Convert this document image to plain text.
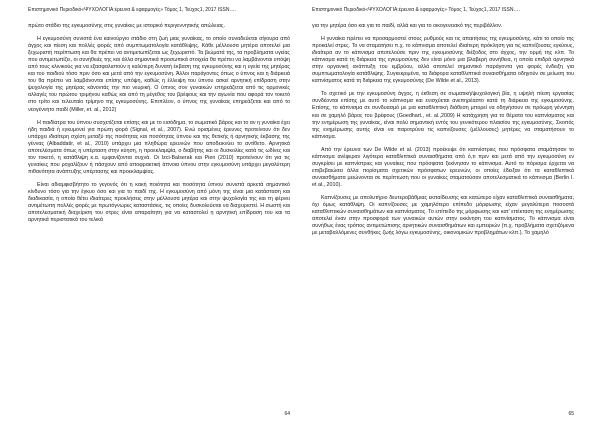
Επιστημονικό Περιοδικό«ΨΥΧΟΛΟΓΙΑ:έρευνα & εφαρμογές» Τόμος 1, Τεύχος1, 2017 ISSN….

πρώτο στάδιο της εγκυμοσύνης στις γυναίκες με ιστορικό περιγεννητικής απώλειας.

Η εγκυμοσύνη συνιστά ένα καινούργιο στάδιο στη ζωή μιας γυναίκας, το οποίο συναδεύεται σίγουρα από άγχος και πίεση και πολλές φορές από συμπτωματολογία κατάθλιψης. Κάθε μέλλουσα μητέρα αποτελεί μια ξεχωριστή περίπτωση και θα πρέπει να αντιμετωπίζεται ως ξεχωριστό. Τα βιώματά της, τα προβλήματα υγείας που αντιμετωπίζει, οι συνήθειές της και άλλα σημαντικά προσωπικά στοιχεία θα πρέπει να λαμβάνονται υπόψη από τους κλινικούς για να εξασφαλιστούν η καλύτερη δυνατή έκβαση της εγκυμοσύνης και η υγεία της μητέρας και του παιδιού τόσο πριν όσο και μετά από την εγκυμοσύνη. Άλλοι παράγοντες όπως ο ύπνος και η διάρκειά του θα πρέπει να λαμβάνονται επίσης υπόψη, καθώς η έλλειψη του ύπνου ασκεί αρνητική επίδραση στην ψυχολογία της μητέρας κάνοντάς την πιο νευρική. Ο ύπνος σον γυναικών επηρεάζεται από τις ορμονικές αλλαγές του πρώτου τριμήνου καθώς και από τη μέγεθος του βρέφους και την αγωνία που αφορά τον τοκετό στο τρίτο και τελευταίο τρίμηνο της εγκυμοσύνης. Επιπλέον, ο ύπνος της γυναίκας επηρεάζεται και από το νεογέννητο παιδί (Miller, et. al., 2012)

Η παιδίατρα του ύπνου συσχετίζεται επίσης και με το εισόδημα, το σωματικό βάρος και το αν η γυναίκα έχει ήδη παιδιά ή εγκυμονεί για πρώτη φορά (Signal, et al., 2007). Ενώ ορισμένες έρευνες προτείνουν ότι δεν υπάρχει ιδιαίτερη σχέση μεταξύ της ποιότητας και ποσότητας ύπνου και της θετικής ή αρνητικής έκβασης της γέννας (Albaddatir, et al., 2010) υπάρχει μια πληθώρα ερευνών που αποδεικνύει το αντίθετο. Αρνητικά αποτελέσματα όπως η υπέρταση στην κύηση, η προεκλαμψία, ο διαβήτης και οι δυσκολίες κατά τις ωδίνες και τον τοκετό, η κατάθλιψη κ.α. εμφανίζονται συχνά. Οι Izci-Balserak και Pien (2010) προτείνουν ότι για τις γυναίκες που ροχαλίζουν ή πάσχουν από αποφρακτική άπνοια ύπνου στην εγκυμοσύνη υπάρχει μεγαλύτερη πιθανότητα ανάπτυξης υπέρτασης και προεκλαμψίας.

Είναι αδιαμφισβήτητο το γεγονός ότι η κακή ποιότητα και ποσότητα ύπνου συνιστά αρκετά σημαντικό κίνδυνο τόσο για την έγκυο όσο και για το παιδί της. Η εγκυμοσύνη από μόνη της είναι μια κατάσταση και διαδικασία, η οποία θέτει ιδιαίτερες προκλήσεις στην μέλλουσα μητέρα και στην ψυχολογία της και τη φέρνει αντιμέτωπη πολλές φορές με πρωτόγνωρες καταστάσεις, τις οποίες δυσκολεύεται να διαχειριστεί. Η σωστή και αποτελεσματική διαχείριση του στρες είναι απαραίτητη για να καταστολεί η αρνητική επίδραση του και τα αρνητικά περιστατικά του τελικά

64
Επιστημονικό Περιοδικό«ΨΥΧΟΛΟΓΙΑ:έρευνα & εφαρμογές» Τόμος 1, Τεύχος1, 2017 ISSN….

για την μητέρα όσο και για το παιδί, αλλά και για το οικογενειακό της περιβάλλον.

Η γυναίκα πρέπει να προσαρμοστεί στους ρυθμούς και τις απαιτήσεις της εγκυμοσύνης, κάτι το οποίο της προκαλεί στρες. Το να σταματήσει π.χ. το κάπνισμα αποτελεί ιδιαίτερη πρόκληση για τις καπνίζουσες εγκύους, ιδιαίτερα αν το κάπνισμα αποτελούσε πριν της εγκυμοσύνης διέξοδος στο άγχος, την ορμή της κλπ. Το κάπνισμα κατά τη διάρκεια της εγκυμοσύνης δεν είναι μόνο μια βλαβερή συνήθεια, η οποία επιδρά αρνητικά στην οργανική ανάπτυξη του εμβρύου, αλλά αποτελεί σημαντικό παράγοντα για φορές ένδειξη για συμπτωματολογία κατάθλιψης. Συγκεκριμένα, τα διάφορα καταθλιπτικά συναισθήματα οδηγούν σε μείωση του καπνίσματος κατά τη διάρκεια της εγκυμοσύνης (De Wilde et al., 2013).

Το σχετικό με την εγκυμοσύνη άγχος, η έκθεση σε σωματική/ψυχολογική βία, η υψηλή πίεση εργασίας συνδέονται επίσης με αυτό το κάπνισμα και ενισχύεται ανεπηρέαστο κατά τη διάρκεια της εγκυμοσύνης. Επίσης, το κάπνισμα σε συνδυασμό με μια καταθλιπτική διάθεση μπορεί να οδηγήσουν σε πρόωρη γέννηση και σε χαμηλό βάρος του βρέφους (Goedhart., et. al.,2009) Η κατάχρηση για το θέματα του καπνίσματος και την ενημέρωση της γυναίκας, είναι πολύ σημαντική εντός του γενικότερου πλαισίου της εγκυμοσύνης. Σκοπός της ενημέρωσης αυτής είναι να παροτρύνει τις καπνίζουσες (μέλλουσες) μητέρες να σταματήσουν το κάπνισμα.

Από την έρευνα των De Wilde et al. (2013) προέκυψε ότι καπνίστριες που πρόσφατα σταμάτησαν το κάπνισμα ανέφεραν λιγότερα καταθλιπτικά συναισθήματα από ό,τι πριν και μετά από την εγκυμοσύνη εν συγκρίσει με καπνίστριες και γυναίκες που πρόσφατα ξεκίνησαν το κάπνισμα. Αυτό το πόρισμα έρχεται να επιβεβαιώσει άλλα πορίσματα σχετικών πρόσφατων ερευνών, οι οποίες έδειξαν ότι τα καταθλιπτικά συναισθήματα μειώνονται σε περίπτωση που οι γυναίκες σταματούσαν αποτελεσματικά το κάπνισμα (Berlin I. et al., 2010).

Καπνίζουσες με απολυτήριο δευτεροβάθμιας εκπαίδευσης και κατώτερο είχαν καταθλιπτικά συναισθήματα, όχι όμως κατάθλιψη. Οι καπνίζουσες με χαμηλότερο επίπεδο μόρφωσης είχαν μεγαλύτερα ποσοστά καταθλιπτικών συναισθημάτων και καπνίσματος. Το επίπεδο της μόρφωσης και κατ' επέκταση της ενημέρωσης αποτελεί έναν στην προσφορά των γυναικών αυτών στην εκκίνηση του καπνίσματος. Το κάπνισμα είναι συνήθως ένας τρόπος αντιμετώπισης αρνητικών συναισθημάτων και εμπειριών (π.χ. προβλήματα σχετιζόμενα με μεταβαλλόμενες συνθήκες ζωής λόγω εγκυμοσύνης, οικονομικών προβλημάτων κλπ.). Το χαμηλό

65
